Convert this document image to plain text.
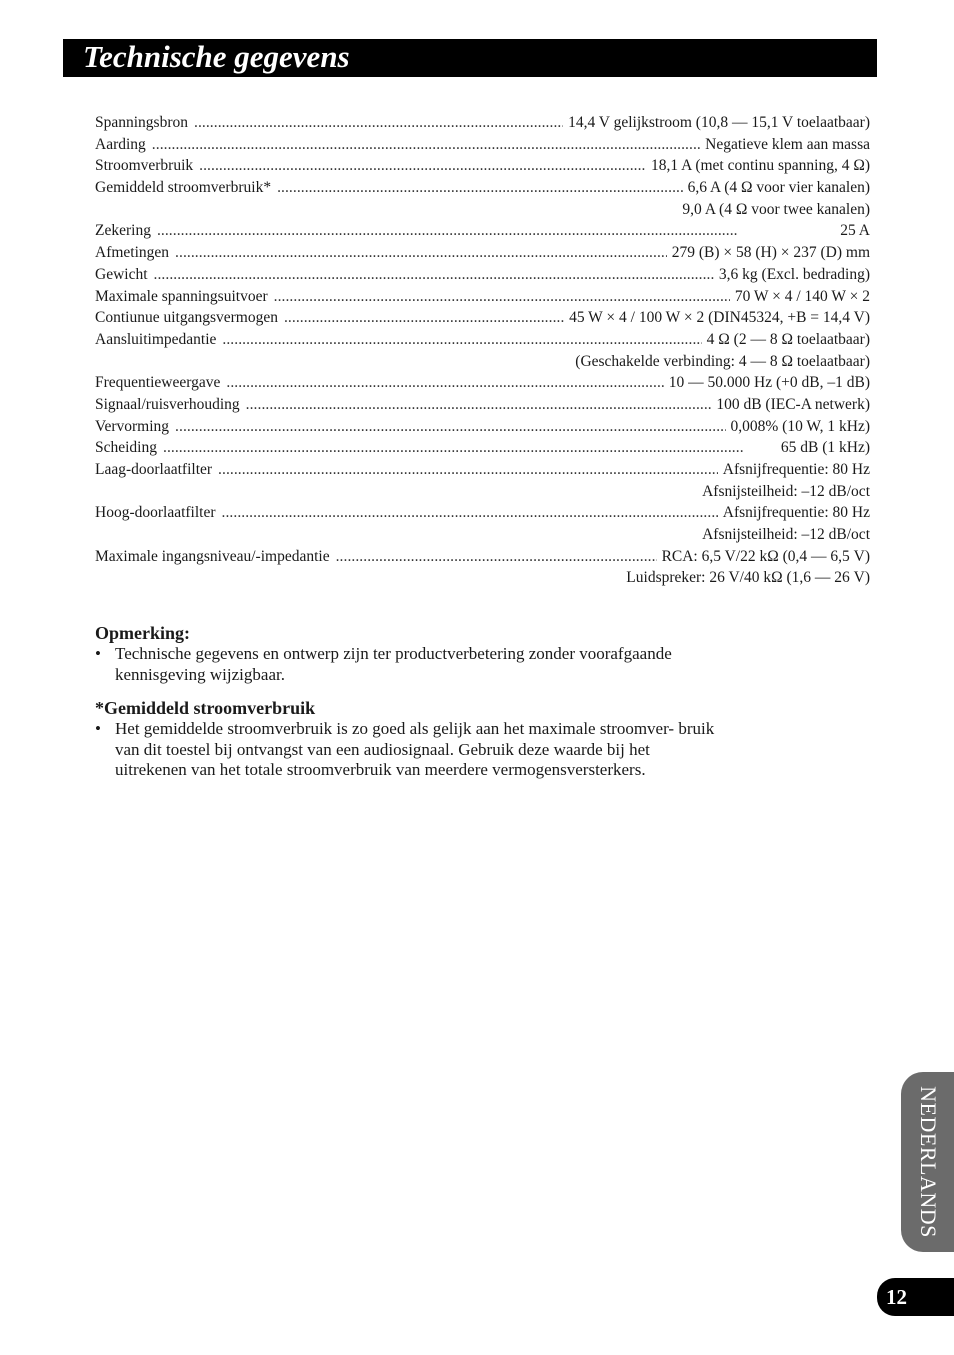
Technische gegevens
Spanningsbron . . .	14,4 V gelijkstroom (10,8 — 15,1 V toelaatbaar)
Aarding . . .	Negatieve klem aan massa
Stroomverbruik . . .	18,1 A (met continu spanning, 4 Ω)
Gemiddeld stroomverbruik* . . .	6,6 A (4 Ω voor vier kanalen)
9,0 A (4 Ω voor twee kanalen)
Zekering . . .	25 A
Afmetingen . . .	279 (B) × 58 (H) × 237 (D) mm
Gewicht . . .	3,6 kg (Excl. bedrading)
Maximale spanningsuitvoer . . .	70 W × 4 / 140 W × 2
Contiunue uitgangsvermogen . . .	45 W × 4 / 100 W × 2 (DIN45324, +B = 14,4 V)
Aansluitimpedantie . . .	4 Ω (2 — 8 Ω toelaatbaar)
(Geschakelde verbinding: 4 — 8 Ω toelaatbaar)
Frequentieweergave . . .	10 — 50.000 Hz (+0 dB, –1 dB)
Signaal/ruisverhouding . . .	100 dB (IEC-A netwerk)
Vervorming . . .	0,008% (10 W, 1 kHz)
Scheiding . . .	65 dB (1 kHz)
Laag-doorlaatfilter . . .	Afsnijfrequentie: 80 Hz
Afsnijsteilheid: –12 dB/oct
Hoog-doorlaatfilter . . .	Afsnijfrequentie: 80 Hz
Afsnijsteilheid: –12 dB/oct
Maximale ingangsniveau/-impedantie . . .	RCA: 6,5 V/22 kΩ (0,4 — 6,5 V)
Luidspreker: 26 V/40 kΩ (1,6 — 26 V)
Opmerking:
• Technische gegevens en ontwerp zijn ter productverbetering zonder voorafgaande kennisgeving wijzigbaar.
*Gemiddeld stroomverbruik
• Het gemiddelde stroomverbruik is zo goed als gelijk aan het maximale stroomver- bruik van dit toestel bij ontvangst van een audiosignaal. Gebruik deze waarde bij het uitrekenen van het totale stroomverbruik van meerdere vermogensversterkers.
NEDERLANDS
12
